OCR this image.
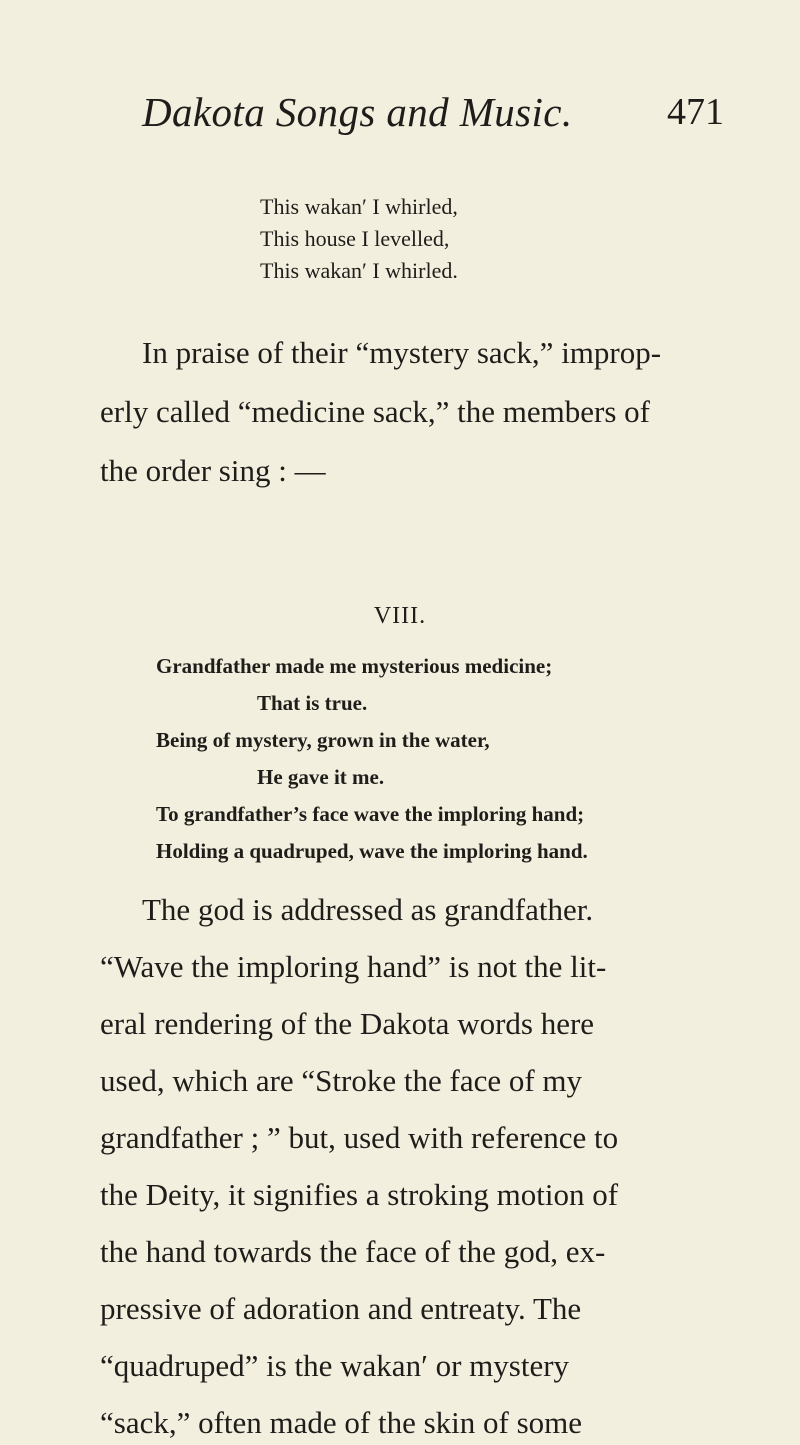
Dakota Songs and Music. 471
This wakan′ I whirled,
This house I levelled,
This wakan′ I whirled.
In praise of their “mystery sack,” improp-
erly called “medicine sack,” the members of
the order sing : —
VIII.
Grandfather made me mysterious medicine;
That is true.
Being of mystery, grown in the water,
He gave it me.
To grandfather’s face wave the imploring hand;
Holding a quadruped, wave the imploring hand.
The god is addressed as grandfather.
“Wave the imploring hand” is not the lit-
eral rendering of the Dakota words here
used, which are “Stroke the face of my
grandfather ; ” but, used with reference to
the Deity, it signifies a stroking motion of
the hand towards the face of the god, ex-
pressive of adoration and entreaty. The
“quadruped” is the wakan′ or mystery
“sack,” often made of the skin of some
